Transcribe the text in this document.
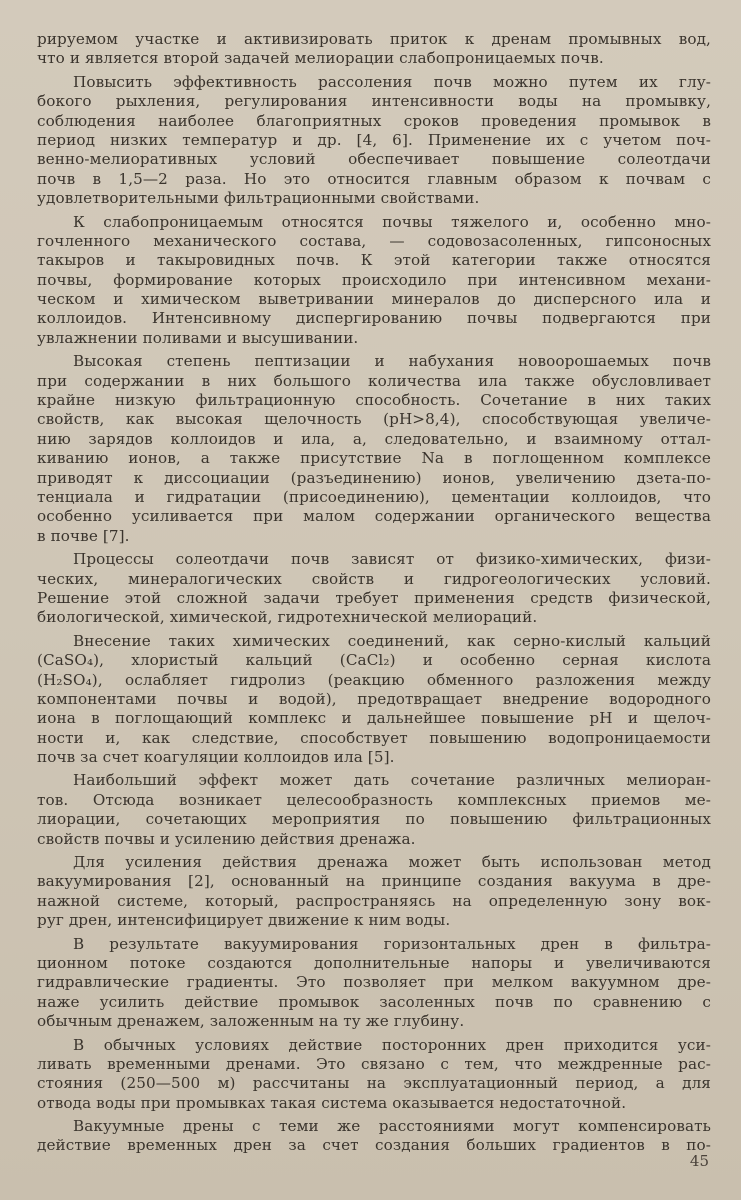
рируемом участке и активизировать приток к дренам промывных вод,
что и является второй задачей мелиорации слабопроницаемых почв.

Повысить эффективность рассоления почв можно путем их глу-
бокого рыхления, регулирования интенсивности воды на промывку,
соблюдения наиболее благоприятных сроков проведения промывок в
период низких температур и др. [4, 6]. Применение их с учетом поч-
венно-мелиоративных условий обеспечивает повышение солеотдачи
почв в 1,5—2 раза. Но это относится главным образом к почвам с
удовлетворительными фильтрационными свойствами.

К слабопроницаемым относятся почвы тяжелого и, особенно мно-
гочленного механического состава, — содовозасоленных, гипсоносных
такыров и такыровидных почв. К этой категории также относятся
почвы, формирование которых происходило при интенсивном механи-
ческом и химическом выветривании минералов до дисперсного ила и
коллоидов. Интенсивному диспергированию почвы подвергаются при
увлажнении поливами и высушивании.

Высокая степень пептизации и набухания новоорошаемых почв
при содержании в них большого количества ила также обусловливает
крайне низкую фильтрационную способность. Сочетание в них таких
свойств, как высокая щелочность (pH>8,4), способствующая увеличе-
нию зарядов коллоидов и ила, а, следовательно, и взаимному оттал-
киванию ионов, а также присутствие Na в поглощенном комплексе
приводят к диссоциации (разъединению) ионов, увеличению дзета-по-
тенциала и гидратации (присоединению), цементации коллоидов, что
особенно усиливается при малом содержании органического вещества
в почве [7].

Процессы солеотдачи почв зависят от физико-химических, физи-
ческих, минералогических свойств и гидрогеологических условий.
Решение этой сложной задачи требует применения средств физической,
биологической, химической, гидротехнической мелиораций.

Внесение таких химических соединений, как серно-кислый кальций
(CaSO₄), хлористый кальций (CaCl₂) и особенно серная кислота
(H₂SO₄), ослабляет гидролиз (реакцию обменного разложения между
компонентами почвы и водой), предотвращает внедрение водородного
иона в поглощающий комплекс и дальнейшее повышение pH и щелоч-
ности и, как следствие, способствует повышению водопроницаемости
почв за счет коагуляции коллоидов ила [5].

Наибольший эффект может дать сочетание различных мелиоран-
тов. Отсюда возникает целесообразность комплексных приемов ме-
лиорации, сочетающих мероприятия по повышению фильтрационных
свойств почвы и усилению действия дренажа.

Для усиления действия дренажа может быть использован метод
вакуумирования [2], основанный на принципе создания вакуума в дре-
нажной системе, который, распространяясь на определенную зону вок-
руг дрен, интенсифицирует движение к ним воды.

В результате вакуумирования горизонтальных дрен в фильтра-
ционном потоке создаются дополнительные напоры и увеличиваются
гидравлические градиенты. Это позволяет при мелком вакуумном дре-
наже усилить действие промывок засоленных почв по сравнению с
обычным дренажем, заложенным на ту же глубину.

В обычных условиях действие посторонних дрен приходится уси-
ливать временными дренами. Это связано с тем, что междренные рас-
стояния (250—500 м) рассчитаны на эксплуатационный период, а для
отвода воды при промывках такая система оказывается недостаточной.

Вакуумные дрены с теми же расстояниями могут компенсировать
действие временных дрен за счет создания больших градиентов в по-

45
